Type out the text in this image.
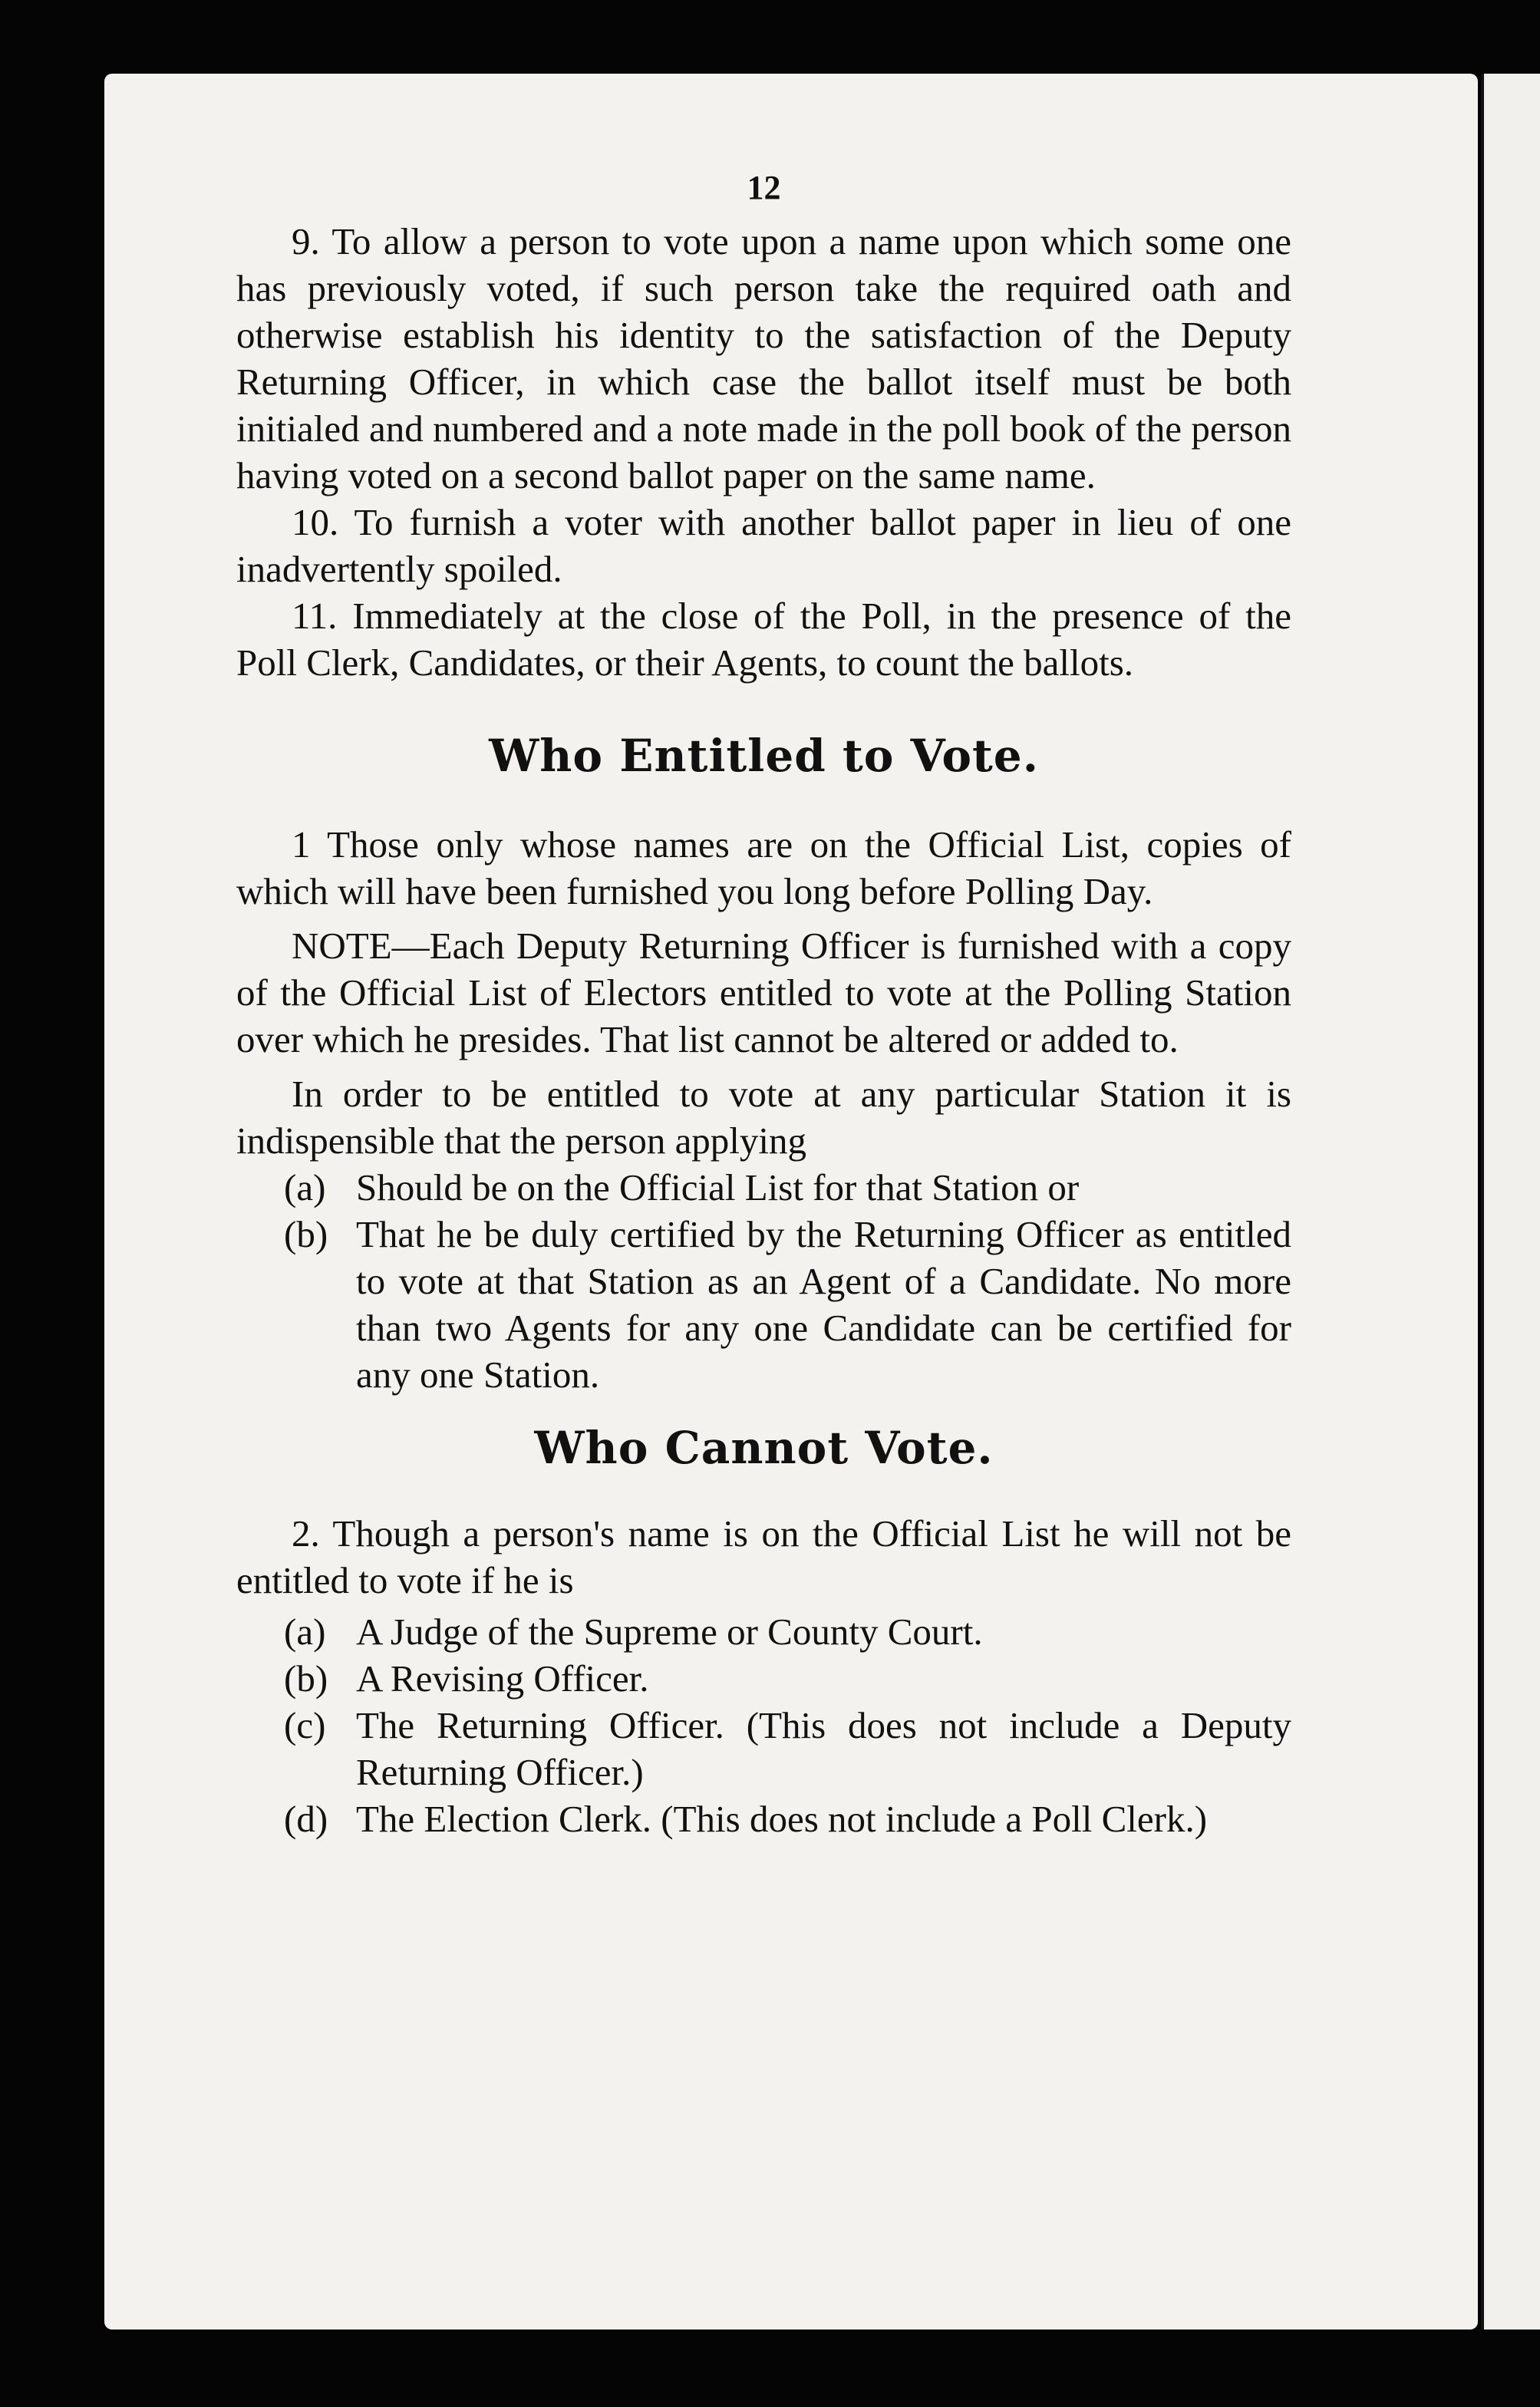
12

9. To allow a person to vote upon a name upon which some one has previously voted, if such person take the required oath and otherwise establish his identity to the satisfaction of the Deputy Returning Officer, in which case the ballot itself must be both initialed and numbered and a note made in the poll book of the person having voted on a second ballot paper on the same name.

10. To furnish a voter with another ballot paper in lieu of one inadvertently spoiled.

11. Immediately at the close of the Poll, in the presence of the Poll Clerk, Candidates, or their Agents, to count the ballots.

Who Entitled to Vote.

1 Those only whose names are on the Official List, copies of which will have been furnished you long before Polling Day.

NOTE—Each Deputy Returning Officer is furnished with a copy of the Official List of Electors entitled to vote at the Polling Station over which he presides. That list cannot be altered or added to.

In order to be entitled to vote at any particular Station it is indispensible that the person applying

(a) Should be on the Official List for that Station or
(b) That he be duly certified by the Returning Officer as entitled to vote at that Station as an Agent of a Candidate. No more than two Agents for any one Candidate can be certified for any one Station.
Who Cannot Vote.

2. Though a person's name is on the Official List he will not be entitled to vote if he is

(a) A Judge of the Supreme or County Court.
(b) A Revising Officer.
(c) The Returning Officer. (This does not include a Deputy Returning Officer.)
(d) The Election Clerk. (This does not include a Poll Clerk.)
